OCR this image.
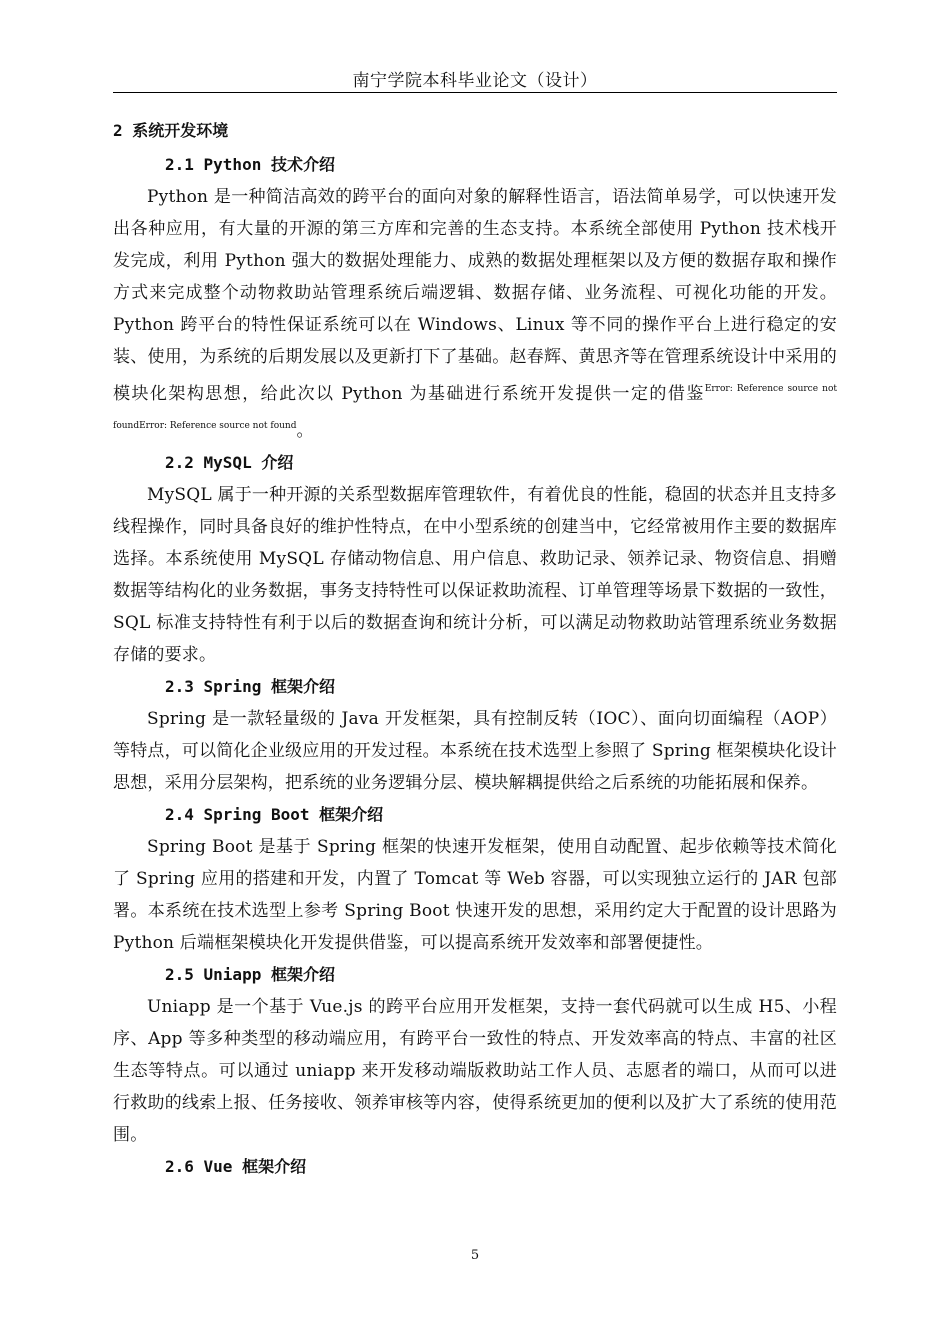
南宁学院本科毕业论文（设计）
2 系统开发环境
2.1 Python 技术介绍
Python 是一种简洁高效的跨平台的面向对象的解释性语言，语法简单易学，可以快速开发出各种应用，有大量的开源的第三方库和完善的生态支持。本系统全部使用 Python 技术栈开发完成，利用 Python 强大的数据处理能力、成熟的数据处理框架以及方便的数据存取和操作方式来完成整个动物救助站管理系统后端逻辑、数据存储、业务流程、可视化功能的开发。Python 跨平台的特性保证系统可以在 Windows、Linux 等不同的操作平台上进行稳定的安装、使用，为系统的后期发展以及更新打下了基础。赵春辉、黄思齐等在管理系统设计中采用的模块化架构思想，给此次以 Python 为基础进行系统开发提供一定的借鉴$^{Error: Reference source not foundError: Reference source not found}$。
2.2 MySQL 介绍
MySQL 属于一种开源的关系型数据库管理软件，有着优良的性能，稳固的状态并且支持多线程操作，同时具备良好的维护性特点，在中小型系统的创建当中，它经常被用作主要的数据库选择。本系统使用 MySQL 存储动物信息、用户信息、救助记录、领养记录、物资信息、捐赠数据等结构化的业务数据，事务支持特性可以保证救助流程、订单管理等场景下数据的一致性，SQL 标准支持特性有利于以后的数据查询和统计分析，可以满足动物救助站管理系统业务数据存储的要求。
2.3 Spring 框架介绍
Spring 是一款轻量级的 Java 开发框架，具有控制反转（IOC）、面向切面编程（AOP）等特点，可以简化企业级应用的开发过程。本系统在技术选型上参照了 Spring 框架模块化设计思想，采用分层架构，把系统的业务逻辑分层、模块解耦提供给之后系统的功能拓展和保养。
2.4 Spring Boot 框架介绍
Spring Boot 是基于 Spring 框架的快速开发框架，使用自动配置、起步依赖等技术简化了 Spring 应用的搭建和开发，内置了 Tomcat 等 Web 容器，可以实现独立运行的 JAR 包部署。本系统在技术选型上参考 Spring Boot 快速开发的思想，采用约定大于配置的设计思路为 Python 后端框架模块化开发提供借鉴，可以提高系统开发效率和部署便捷性。
2.5 Uniapp 框架介绍
Uniapp 是一个基于 Vue.js 的跨平台应用开发框架，支持一套代码就可以生成 H5、小程序、App 等多种类型的移动端应用，有跨平台一致性的特点、开发效率高的特点、丰富的社区生态等特点。可以通过 uniapp 来开发移动端版救助站工作人员、志愿者的端口，从而可以进行救助的线索上报、任务接收、领养审核等内容，使得系统更加的便利以及扩大了系统的使用范围。
2.6 Vue 框架介绍
5
